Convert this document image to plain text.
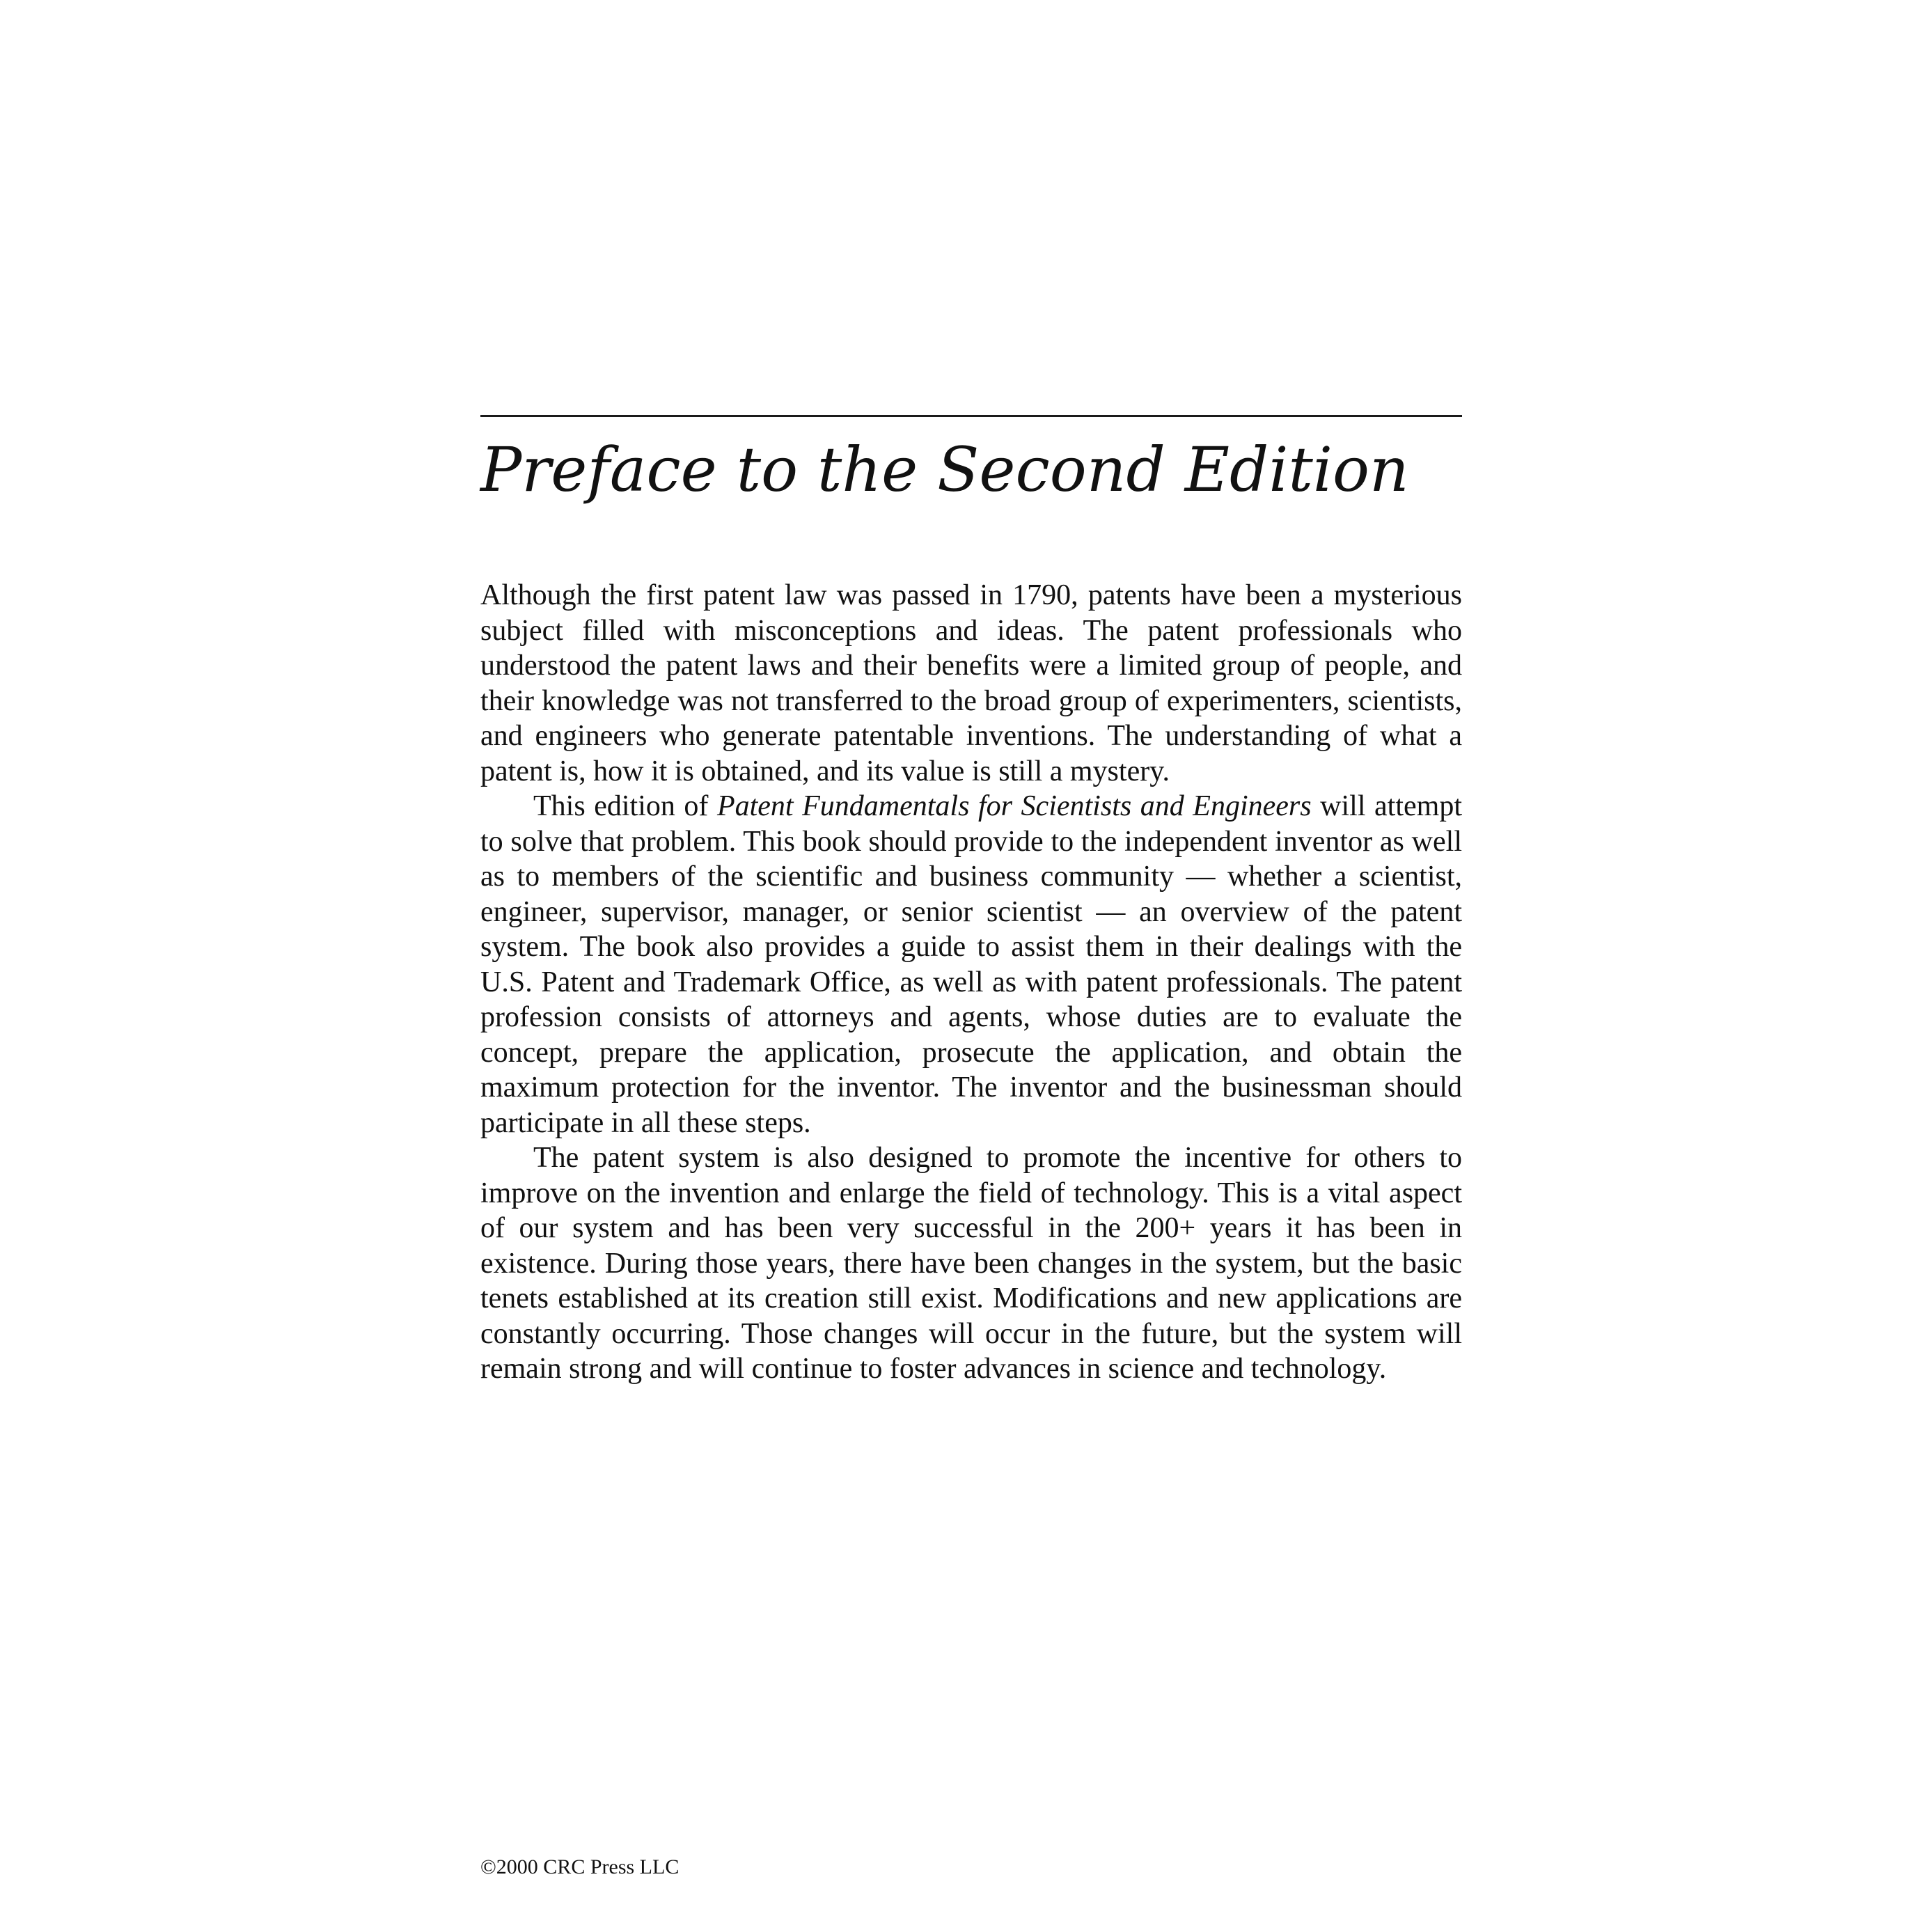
Preface to the Second Edition

Although the first patent law was passed in 1790, patents have been a mysterious subject filled with misconceptions and ideas. The patent professionals who understood the patent laws and their benefits were a limited group of people, and their knowledge was not transferred to the broad group of experimenters, scientists, and engineers who generate patentable inventions. The understanding of what a patent is, how it is obtained, and its value is still a mystery.

This edition of Patent Fundamentals for Scientists and Engineers will attempt to solve that problem. This book should provide to the independent inventor as well as to members of the scientific and business community — whether a scientist, engineer, supervisor, manager, or senior scientist — an overview of the patent system. The book also provides a guide to assist them in their dealings with the U.S. Patent and Trademark Office, as well as with patent professionals. The patent profession consists of attorneys and agents, whose duties are to evaluate the concept, prepare the application, prosecute the application, and obtain the maximum protection for the inventor. The inventor and the businessman should participate in all these steps.

The patent system is also designed to promote the incentive for others to improve on the invention and enlarge the field of technology. This is a vital aspect of our system and has been very successful in the 200+ years it has been in existence. During those years, there have been changes in the system, but the basic tenets established at its creation still exist. Modifications and new applications are constantly occurring. Those changes will occur in the future, but the system will remain strong and will continue to foster advances in science and technology.

©2000 CRC Press LLC
